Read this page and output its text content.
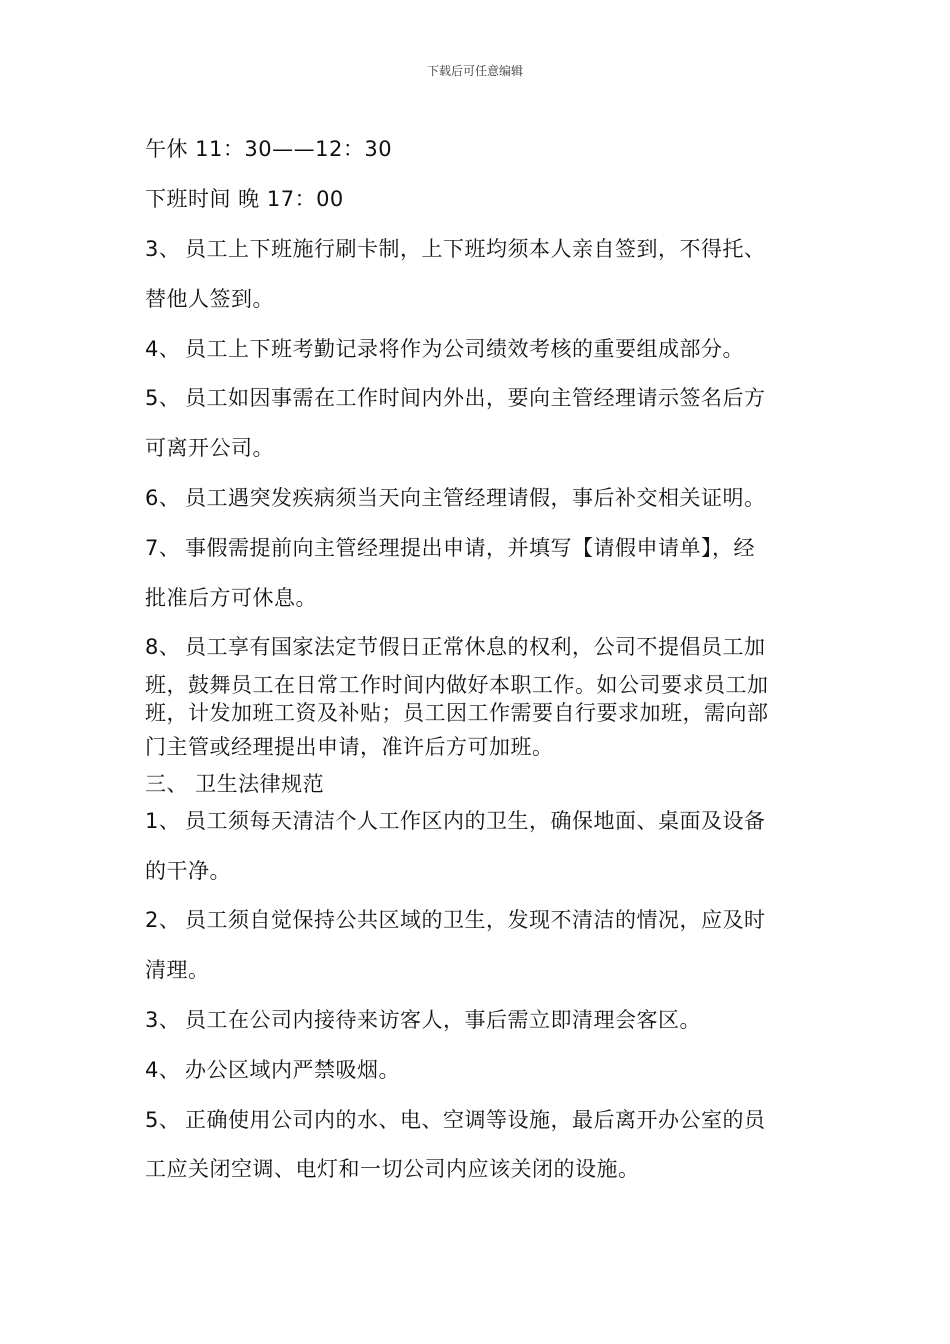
下载后可任意编辑
午休 11：30——12：30
下班时间 晚 17：00
3、 员工上下班施行刷卡制，上下班均须本人亲自签到，不得托、
替他人签到。
4、 员工上下班考勤记录将作为公司绩效考核的重要组成部分。
5、 员工如因事需在工作时间内外出，要向主管经理请示签名后方
可离开公司。
6、 员工遇突发疾病须当天向主管经理请假，事后补交相关证明。
7、 事假需提前向主管经理提出申请，并填写【请假申请单】，经
批准后方可休息。
8、 员工享有国家法定节假日正常休息的权利，公司不提倡员工加
班，鼓舞员工在日常工作时间内做好本职工作。如公司要求员工加
班，计发加班工资及补贴；员工因工作需要自行要求加班，需向部
门主管或经理提出申请，准许后方可加班。
三、 卫生法律规范
1、 员工须每天清洁个人工作区内的卫生，确保地面、桌面及设备
的干净。
2、 员工须自觉保持公共区域的卫生，发现不清洁的情况，应及时
清理。
3、 员工在公司内接待来访客人，事后需立即清理会客区。
4、 办公区域内严禁吸烟。
5、 正确使用公司内的水、电、空调等设施，最后离开办公室的员
工应关闭空调、电灯和一切公司内应该关闭的设施。
